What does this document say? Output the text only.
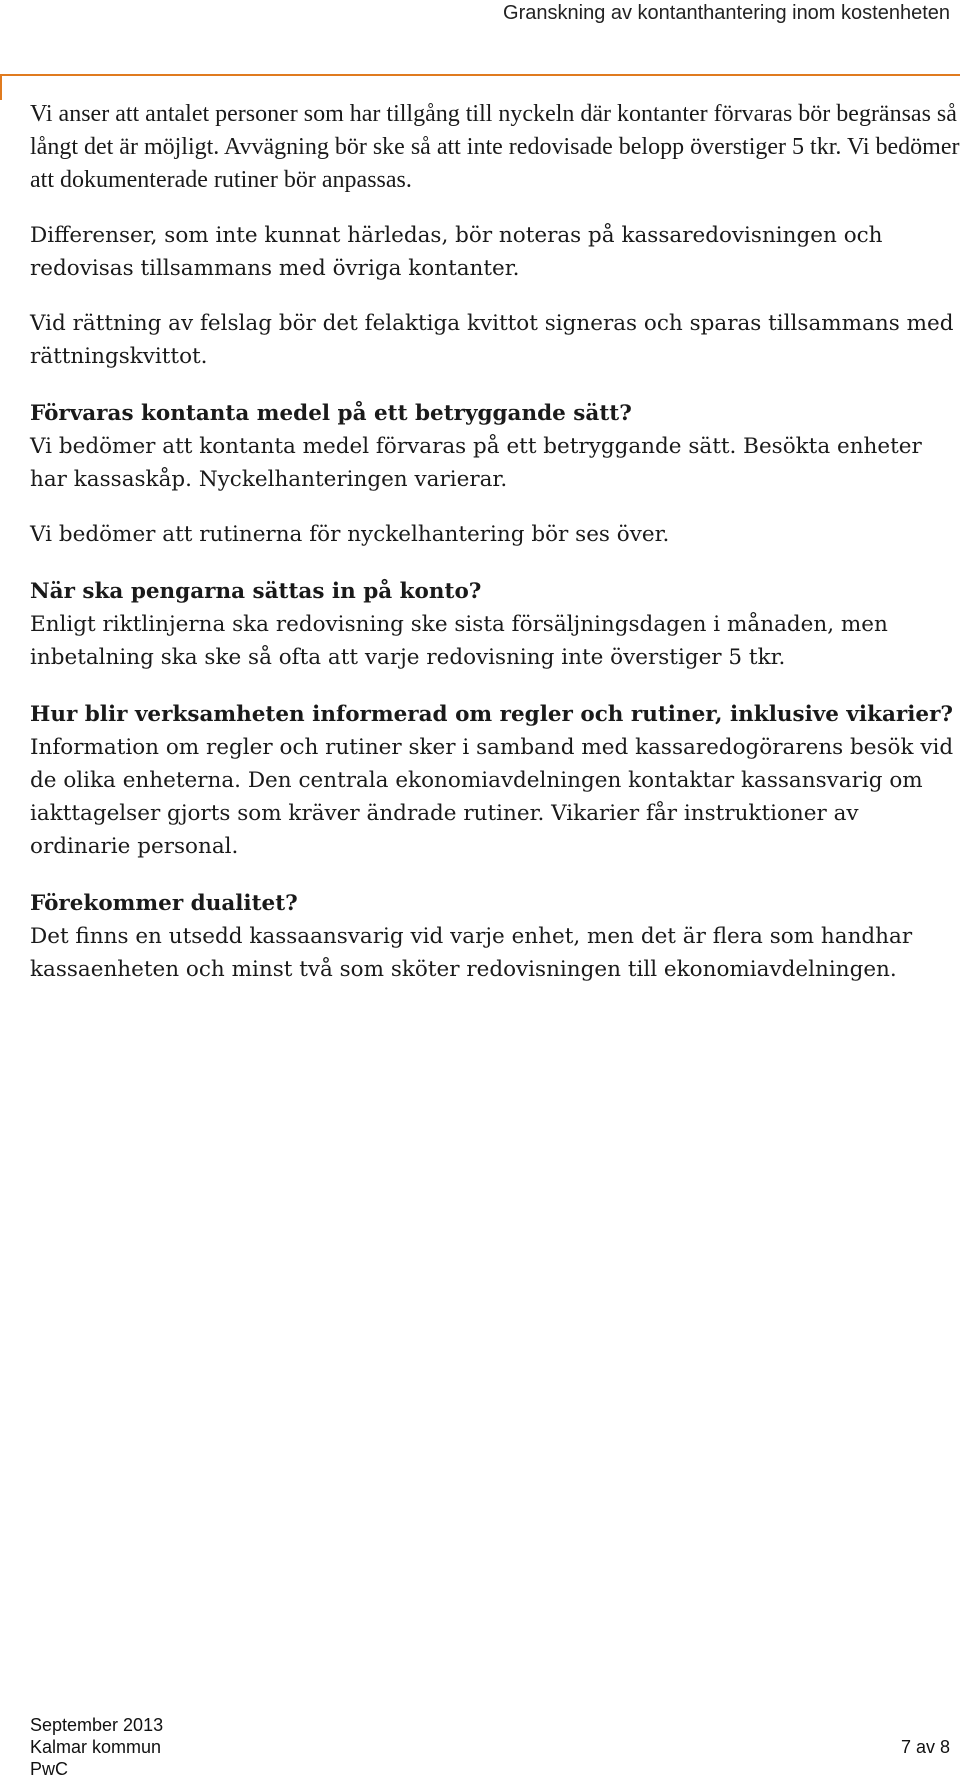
Granskning av kontanthantering inom kostenheten

Vi anser att antalet personer som har tillgång till nyckeln där kontanter förvaras bör begränsas så långt det är möjligt. Avvägning bör ske så att inte redovisade belopp överstiger 5 tkr. Vi bedömer att dokumenterade rutiner bör anpassas.

Differenser, som inte kunnat härledas, bör noteras på kassaredovisningen och redovisas tillsammans med övriga kontanter.

Vid rättning av felslag bör det felaktiga kvittot signeras och sparas tillsammans med rättningskvittot.

Förvaras kontanta medel på ett betryggande sätt?

Vi bedömer att kontanta medel förvaras på ett betryggande sätt. Besökta enheter har kassaskåp. Nyckelhanteringen varierar.

Vi bedömer att rutinerna för nyckelhantering bör ses över.

När ska pengarna sättas in på konto?

Enligt riktlinjerna ska redovisning ske sista försäljningsdagen i månaden, men inbetalning ska ske så ofta att varje redovisning inte överstiger 5 tkr.

Hur blir verksamheten informerad om regler och rutiner, inklusive vikarier?

Information om regler och rutiner sker i samband med kassaredogörarens besök vid de olika enheterna. Den centrala ekonomiavdelningen kontaktar kassansvarig om iakttagelser gjorts som kräver ändrade rutiner. Vikarier får instruktioner av ordinarie personal.

Förekommer dualitet?

Det finns en utsedd kassaansvarig vid varje enhet, men det är flera som handhar kassaenheten och minst två som sköter redovisningen till ekonomiavdelningen.

September 2013
Kalmar kommun	7 av 8
PwC
